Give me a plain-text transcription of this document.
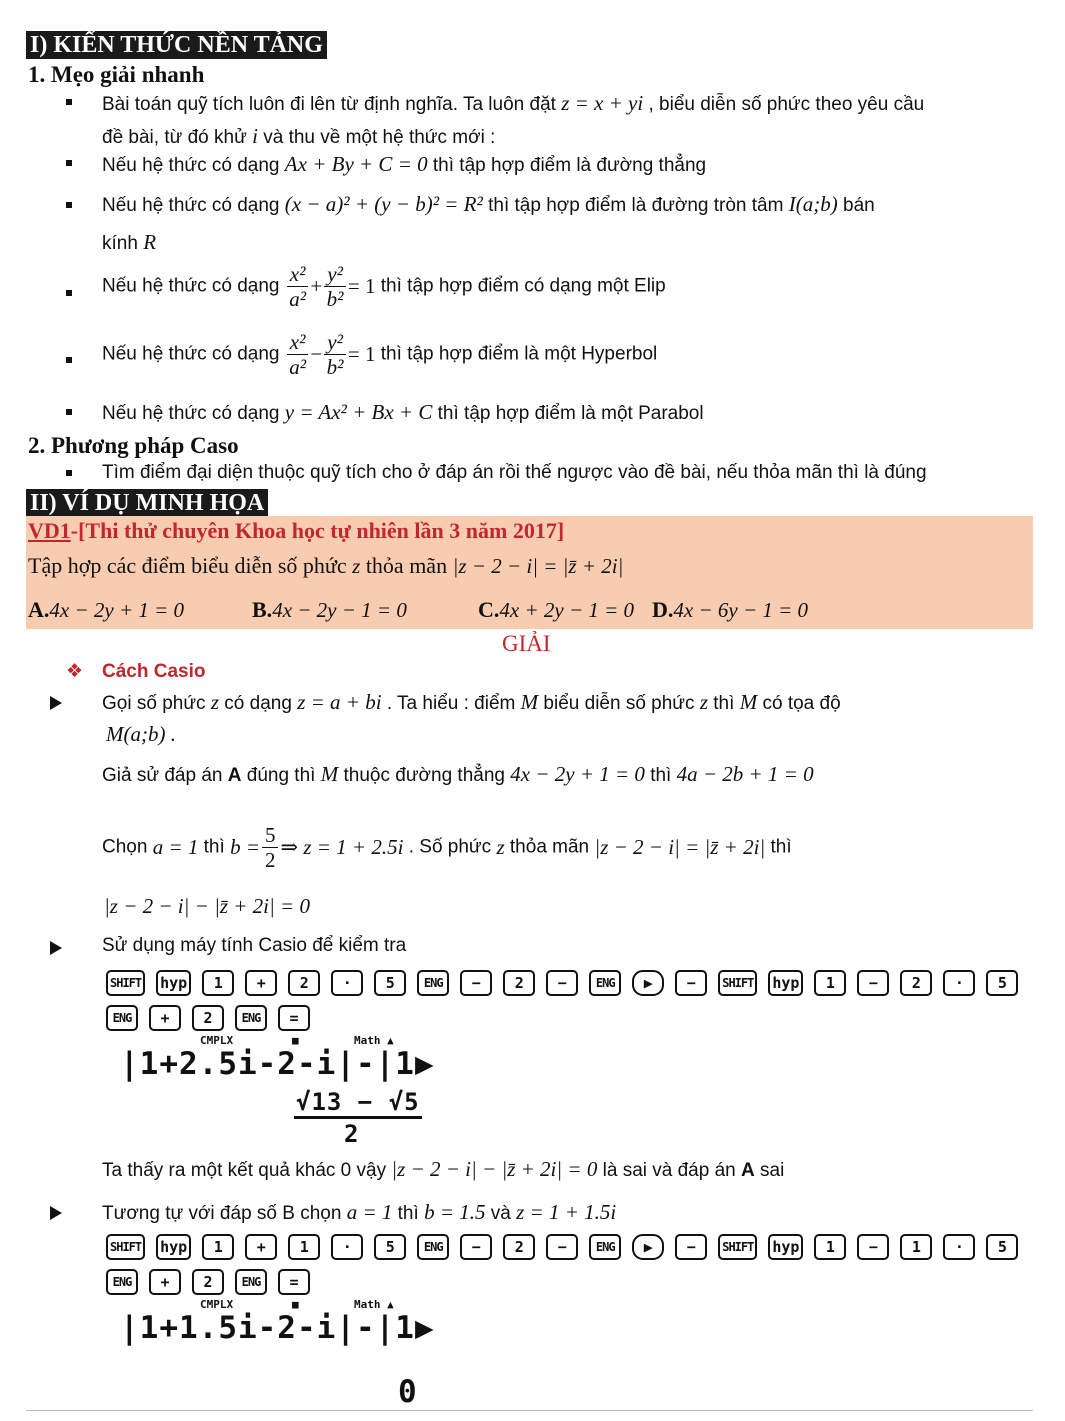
I) KIẾN THỨC NỀN TẢNG
1. Mẹo giải nhanh
Bài toán quỹ tích luôn đi lên từ định nghĩa. Ta luôn đặt z = x + yi , biểu diễn số phức theo yêu cầu
đề bài, từ đó khử i và thu về một hệ thức mới :
Nếu hệ thức có dạng Ax + By + C = 0 thì tập hợp điểm là đường thẳng
Nếu hệ thức có dạng (x − a)² + (y − b)² = R² thì tập hợp điểm là đường tròn tâm I(a;b) bán
kính R
Nếu hệ thức có dạng $\frac{\text{x²}}{\text{a²}} + \frac{\text{y²}}{\text{b²}} = 1$ thì tập hợp điểm có dạng một Elip
Nếu hệ thức có dạng $\frac{\text{x²}}{\text{a²}} - \frac{\text{y²}}{\text{b²}} = 1$ thì tập hợp điểm là một Hyperbol
Nếu hệ thức có dạng y = Ax² + Bx + C thì tập hợp điểm là một Parabol
2. Phương pháp Caso
Tìm điểm đại diện thuộc quỹ tích cho ở đáp án rồi thế ngược vào đề bài, nếu thỏa mãn thì là đúng
II) VÍ DỤ MINH HỌA
VD1-[Thi thử chuyên Khoa học tự nhiên lần 3 năm 2017]
Tập hợp các điểm biểu diễn số phức z thỏa mãn |z − 2 − i| = |z̄ + 2i|
A.4x − 2y + 1 = 0	B.4x − 2y − 1 = 0	C.4x + 2y − 1 = 0 D.4x − 6y − 1 = 0
GIẢI
❖ Cách Casio
Gọi số phức z có dạng z = a + bi . Ta hiểu : điểm M biểu diễn số phức z thì M có tọa độ
M(a;b) .
Giả sử đáp án A đúng thì M thuộc đường thẳng 4x − 2y + 1 = 0 thì 4a − 2b + 1 = 0
Chọn a = 1 thì $b = \frac{5}{2}$ ⇒ z = 1 + 2.5i . Số phức z thỏa mãn |z − 2 − i| = |z̄ + 2i| thì
|z − 2 − i| − |z̄ + 2i| = 0
Sử dụng máy tính Casio để kiểm tra
SHIFT hyp 1 + 2 · 5 ENG − 2 − ENG ▶ − SHIFT hyp 1 − 2 · 5
ENG + 2 ENG =
CMPLX	■	Math ▲
|1+2.5i-2-i|-|1▶
√13 − √5
2
Ta thấy ra một kết quả khác 0 vậy |z − 2 − i| − |z̄ + 2i| = 0 là sai và đáp án A sai
Tương tự với đáp số B chọn a = 1 thì b = 1.5 và z = 1 + 1.5i
SHIFT hyp 1 + 1 · 5 ENG − 2 − ENG ▶ − SHIFT hyp 1 − 1 · 5
ENG + 2 ENG =
CMPLX	■	Math ▲
|1+1.5i-2-i|-|1▶
0
